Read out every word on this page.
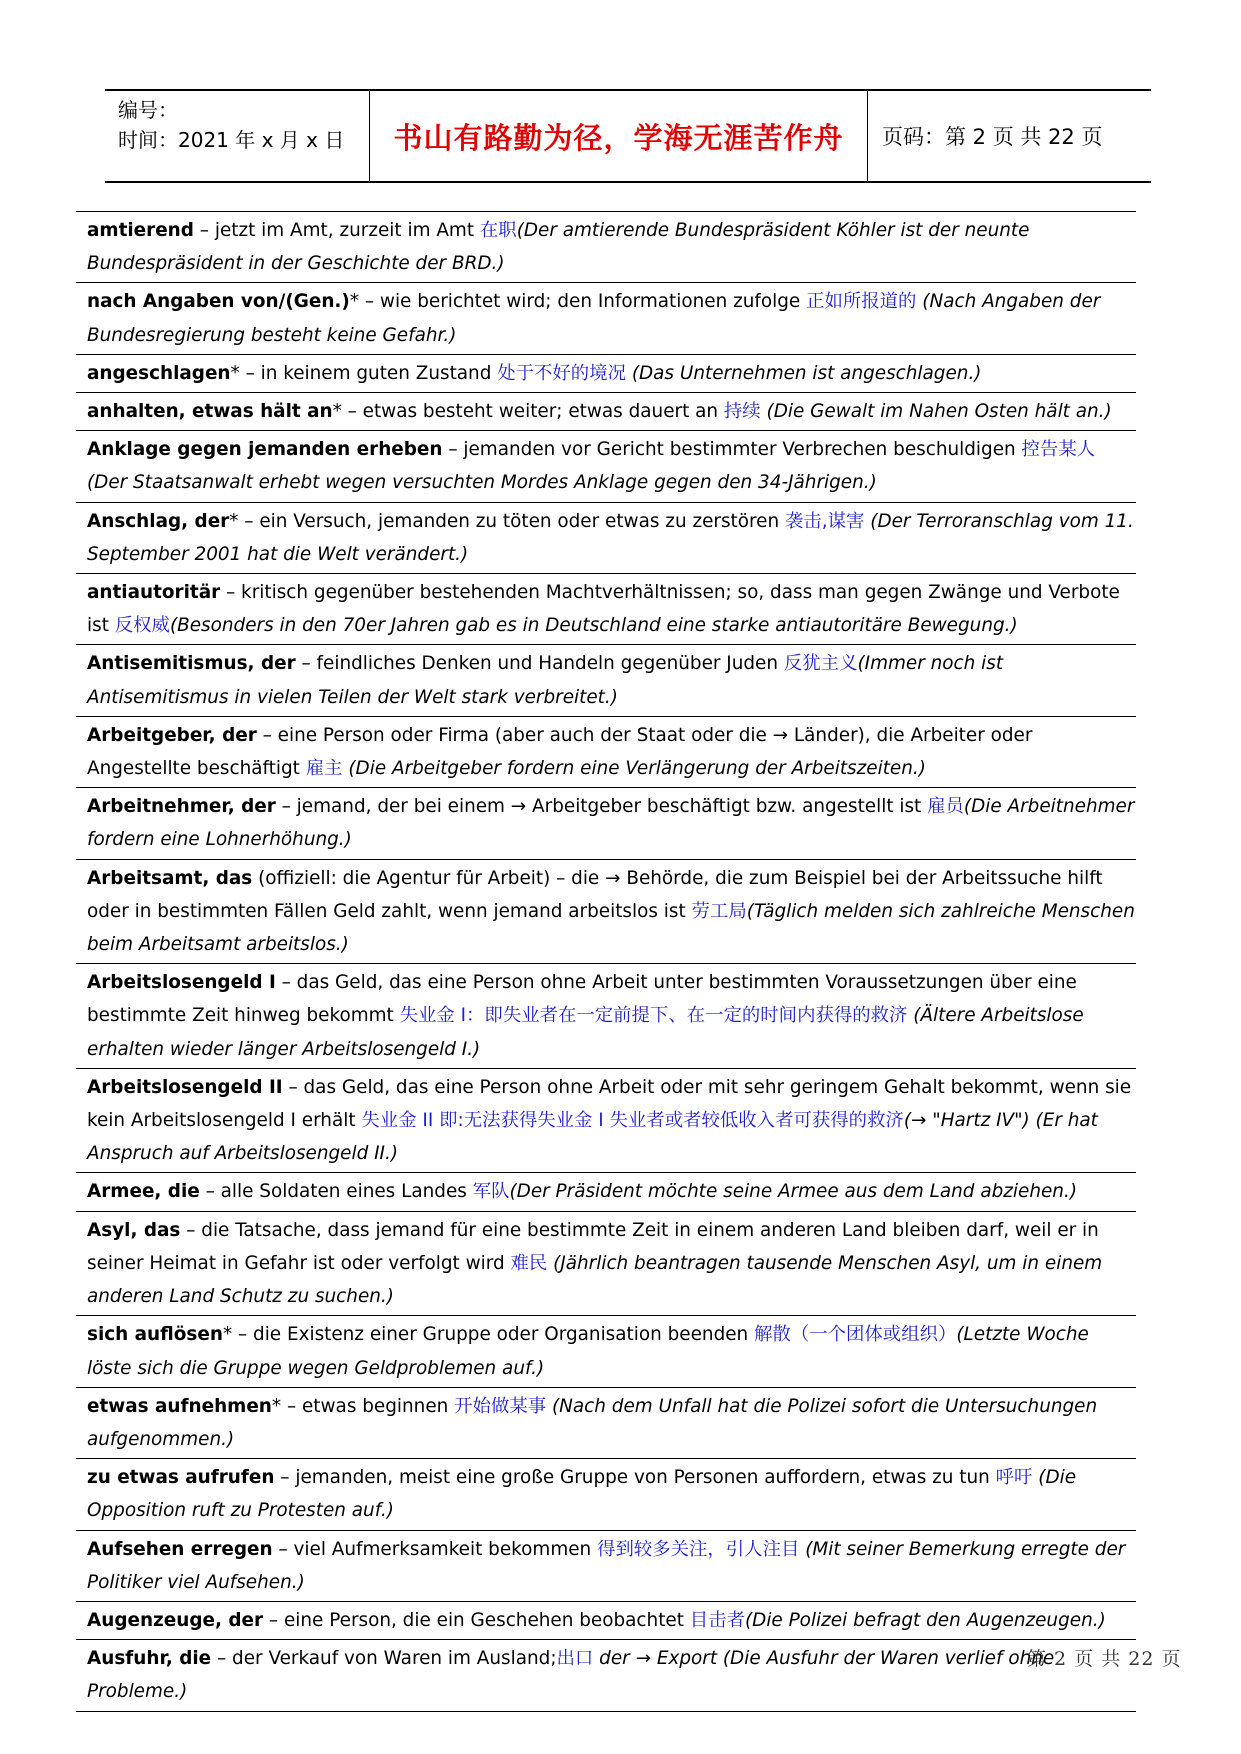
编号：
时间：2021 年 x 月 x 日	书山有路勤为径，学海无涯苦作舟	页码：第 2 页 共 22 页
amtierend – jetzt im Amt, zurzeit im Amt 在职(Der amtierende Bundespräsident Köhler ist der neunte Bundespräsident in der Geschichte der BRD.)
nach Angaben von/(Gen.)* – wie berichtet wird; den Informationen zufolge 正如所报道的 (Nach Angaben der Bundesregierung besteht keine Gefahr.)
angeschlagen* – in keinem guten Zustand 处于不好的境况 (Das Unternehmen ist angeschlagen.)
anhalten, etwas hält an* – etwas besteht weiter; etwas dauert an 持续 (Die Gewalt im Nahen Osten hält an.)
Anklage gegen jemanden erheben – jemanden vor Gericht bestimmter Verbrechen beschuldigen 控告某人 (Der Staatsanwalt erhebt wegen versuchten Mordes Anklage gegen den 34-Jährigen.)
Anschlag, der* – ein Versuch, jemanden zu töten oder etwas zu zerstören 袭击,谋害 (Der Terroranschlag vom 11. September 2001 hat die Welt verändert.)
antiautoritär – kritisch gegenüber bestehenden Machtverhältnissen; so, dass man gegen Zwänge und Verbote ist 反权威(Besonders in den 70er Jahren gab es in Deutschland eine starke antiautoritäre Bewegung.)
Antisemitismus, der – feindliches Denken und Handeln gegenüber Juden 反犹主义(Immer noch ist Antisemitismus in vielen Teilen der Welt stark verbreitet.)
Arbeitgeber, der – eine Person oder Firma (aber auch der Staat oder die → Länder), die Arbeiter oder Angestellte beschäftigt 雇主 (Die Arbeitgeber fordern eine Verlängerung der Arbeitszeiten.)
Arbeitnehmer, der – jemand, der bei einem → Arbeitgeber beschäftigt bzw. angestellt ist 雇员(Die Arbeitnehmer fordern eine Lohnerhöhung.)
Arbeitsamt, das (offiziell: die Agentur für Arbeit) – die → Behörde, die zum Beispiel bei der Arbeitssuche hilft oder in bestimmten Fällen Geld zahlt, wenn jemand arbeitslos ist 劳工局(Täglich melden sich zahlreiche Menschen beim Arbeitsamt arbeitslos.)
Arbeitslosengeld I – das Geld, das eine Person ohne Arbeit unter bestimmten Voraussetzungen über eine bestimmte Zeit hinweg bekommt 失业金 I：即失业者在一定前提下、在一定的时间内获得的救济 (Ältere Arbeitslose erhalten wieder länger Arbeitslosengeld I.)
Arbeitslosengeld II – das Geld, das eine Person ohne Arbeit oder mit sehr geringem Gehalt bekommt, wenn sie kein Arbeitslosengeld I erhält 失业金 II 即:无法获得失业金 I 失业者或者较低收入者可获得的救济(→ "Hartz IV") (Er hat Anspruch auf Arbeitslosengeld II.)
Armee, die – alle Soldaten eines Landes 军队(Der Präsident möchte seine Armee aus dem Land abziehen.)
Asyl, das – die Tatsache, dass jemand für eine bestimmte Zeit in einem anderen Land bleiben darf, weil er in seiner Heimat in Gefahr ist oder verfolgt wird 难民 (Jährlich beantragen tausende Menschen Asyl, um in einem anderen Land Schutz zu suchen.)
sich auflösen* – die Existenz einer Gruppe oder Organisation beenden 解散（一个团体或组织）(Letzte Woche löste sich die Gruppe wegen Geldproblemen auf.)
etwas aufnehmen* – etwas beginnen 开始做某事 (Nach dem Unfall hat die Polizei sofort die Untersuchungen aufgenommen.)
zu etwas aufrufen – jemanden, meist eine große Gruppe von Personen auffordern, etwas zu tun 呼吁 (Die Opposition ruft zu Protesten auf.)
Aufsehen erregen – viel Aufmerksamkeit bekommen 得到较多关注，引人注目 (Mit seiner Bemerkung erregte der Politiker viel Aufsehen.)
Augenzeuge, der – eine Person, die ein Geschehen beobachtet 目击者(Die Polizei befragt den Augenzeugen.)
Ausfuhr, die – der Verkauf von Waren im Ausland;出口 der → Export (Die Ausfuhr der Waren verlief ohne Probleme.)
第 2 页 共 22 页
